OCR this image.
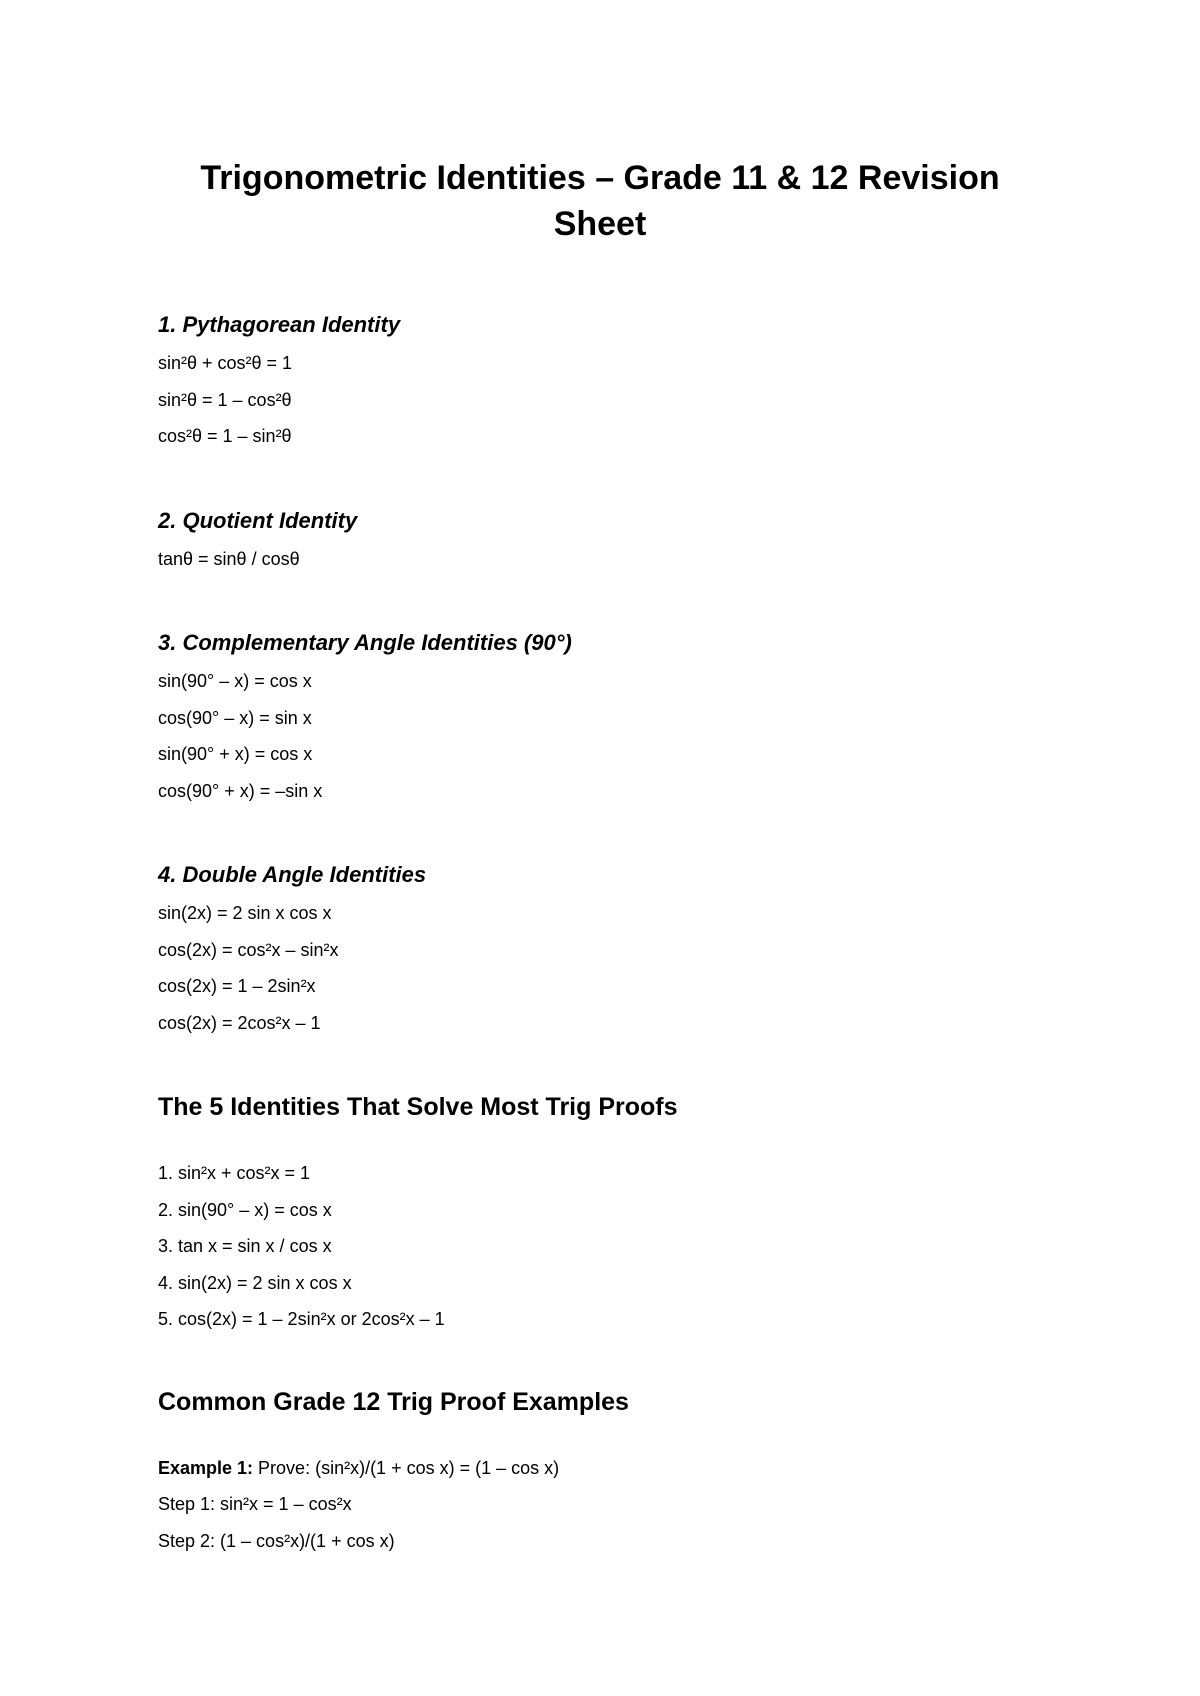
Trigonometric Identities – Grade 11 & 12 Revision
Sheet
1. Pythagorean Identity

sin²θ + cos²θ = 1

sin²θ = 1 – cos²θ

cos²θ = 1 – sin²θ

2. Quotient Identity

tanθ = sinθ / cosθ

3. Complementary Angle Identities (90°)

sin(90° – x) = cos x

cos(90° – x) = sin x

sin(90° + x) = cos x

cos(90° + x) = –sin x

4. Double Angle Identities

sin(2x) = 2 sin x cos x

cos(2x) = cos²x – sin²x

cos(2x) = 1 – 2sin²x

cos(2x) = 2cos²x – 1

The 5 Identities That Solve Most Trig Proofs

1. sin²x + cos²x = 1

2. sin(90° – x) = cos x

3. tan x = sin x / cos x

4. sin(2x) = 2 sin x cos x

5. cos(2x) = 1 – 2sin²x or 2cos²x – 1

Common Grade 12 Trig Proof Examples

Example 1: Prove: (sin²x)/(1 + cos x) = (1 – cos x)

Step 1: sin²x = 1 – cos²x

Step 2: (1 – cos²x)/(1 + cos x)
